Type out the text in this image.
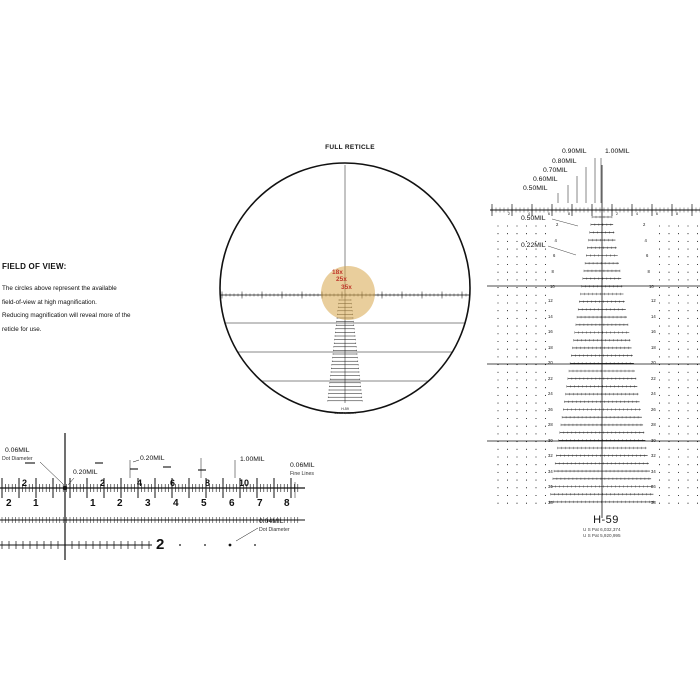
FULL RETICLE
18x
25x
35x
H-59
US PAT 6,032,374
FIELD OF VIEW:
The circles above represent the available
field-of-view at high magnification.
Reducing magnification will reveal more of the
reticle for use.
1.00MIL
0.90MIL
0.80MIL
0.70MIL
0.60MIL
0.50MIL
0.50MIL
0.22MIL
H-59
U S Pat 6,032,374
U S Pat 5,920,995
2	2
4	4
6	6
8	8
10	10
12	12
14	14
16	16
18	18
20	20
22	22
24	24
26	26
28	28
30	30
32	32
34	34
36	36
38	38
2	2
4	4
6	6
8	8
0.06MIL
Dot Diameter
0.20MIL
0.20MIL	1.00MIL
0.06MIL
Fine Lines
0.04MIL
Dot Diameter
2	2	4	6	8	10
2 1	1 2 3 4 5 6 7 8
2
